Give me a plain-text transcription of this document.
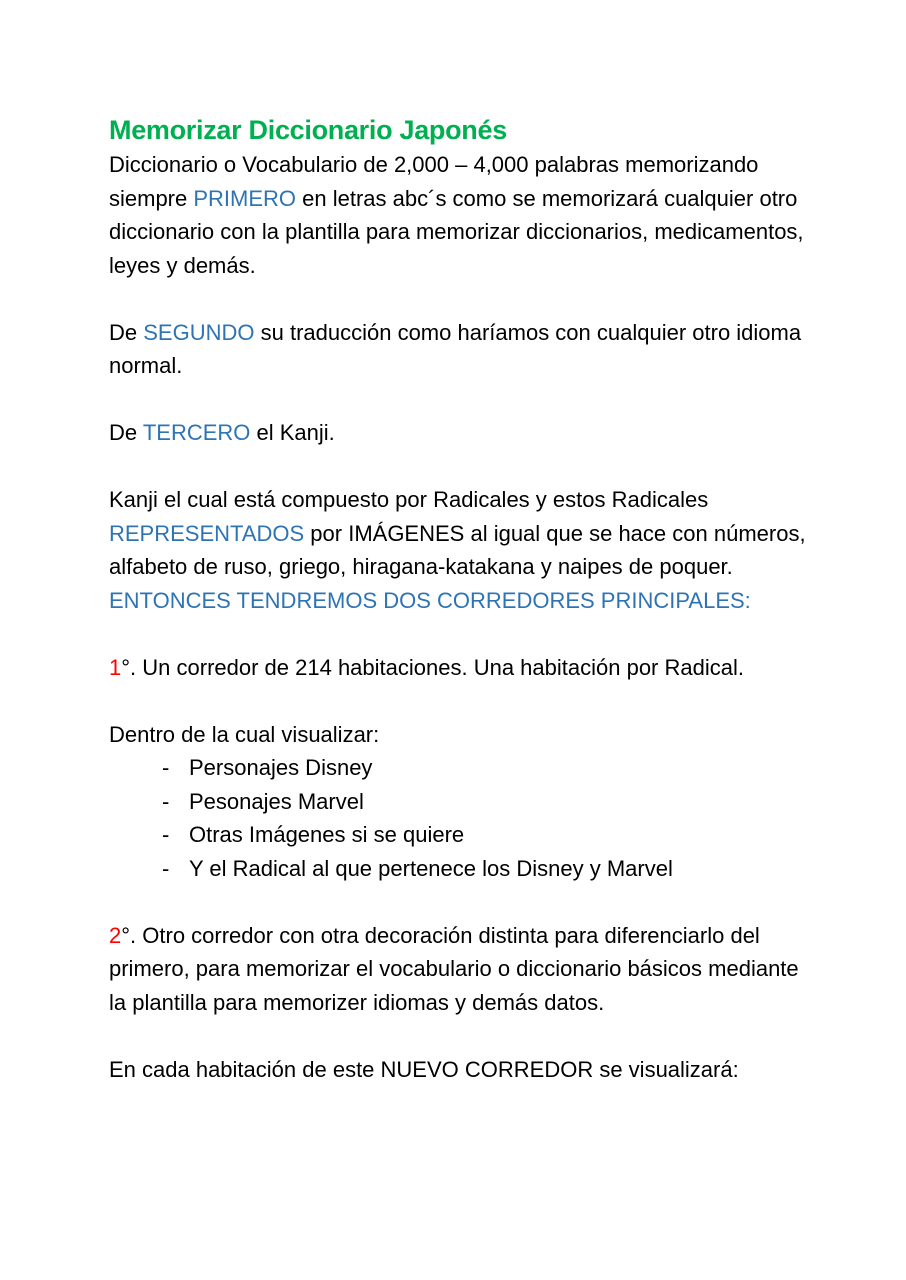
Memorizar Diccionario Japonés

Diccionario o Vocabulario de 2,000 – 4,000 palabras memorizando siempre PRIMERO en letras abc´s como se memorizará cualquier otro diccionario con la plantilla para memorizar diccionarios, medicamentos, leyes y demás.

De SEGUNDO su traducción como haríamos con cualquier otro idioma normal.

De TERCERO el Kanji.

Kanji el cual está compuesto por Radicales y estos Radicales REPRESENTADOS por IMÁGENES al igual que se hace con números, alfabeto de ruso, griego, hiragana-katakana y naipes de poquer.

ENTONCES TENDREMOS DOS CORREDORES PRINCIPALES:

1°. Un corredor de 214 habitaciones. Una habitación por Radical.

Dentro de la cual visualizar:

- Personajes Disney
- Pesonajes Marvel
- Otras Imágenes si se quiere
- Y el Radical al que pertenece los Disney y Marvel

2°. Otro corredor con otra decoración distinta para diferenciarlo del primero, para memorizar el vocabulario o diccionario básicos mediante la plantilla para memorizer idiomas y demás datos.

En cada habitación de este NUEVO CORREDOR se visualizará:
